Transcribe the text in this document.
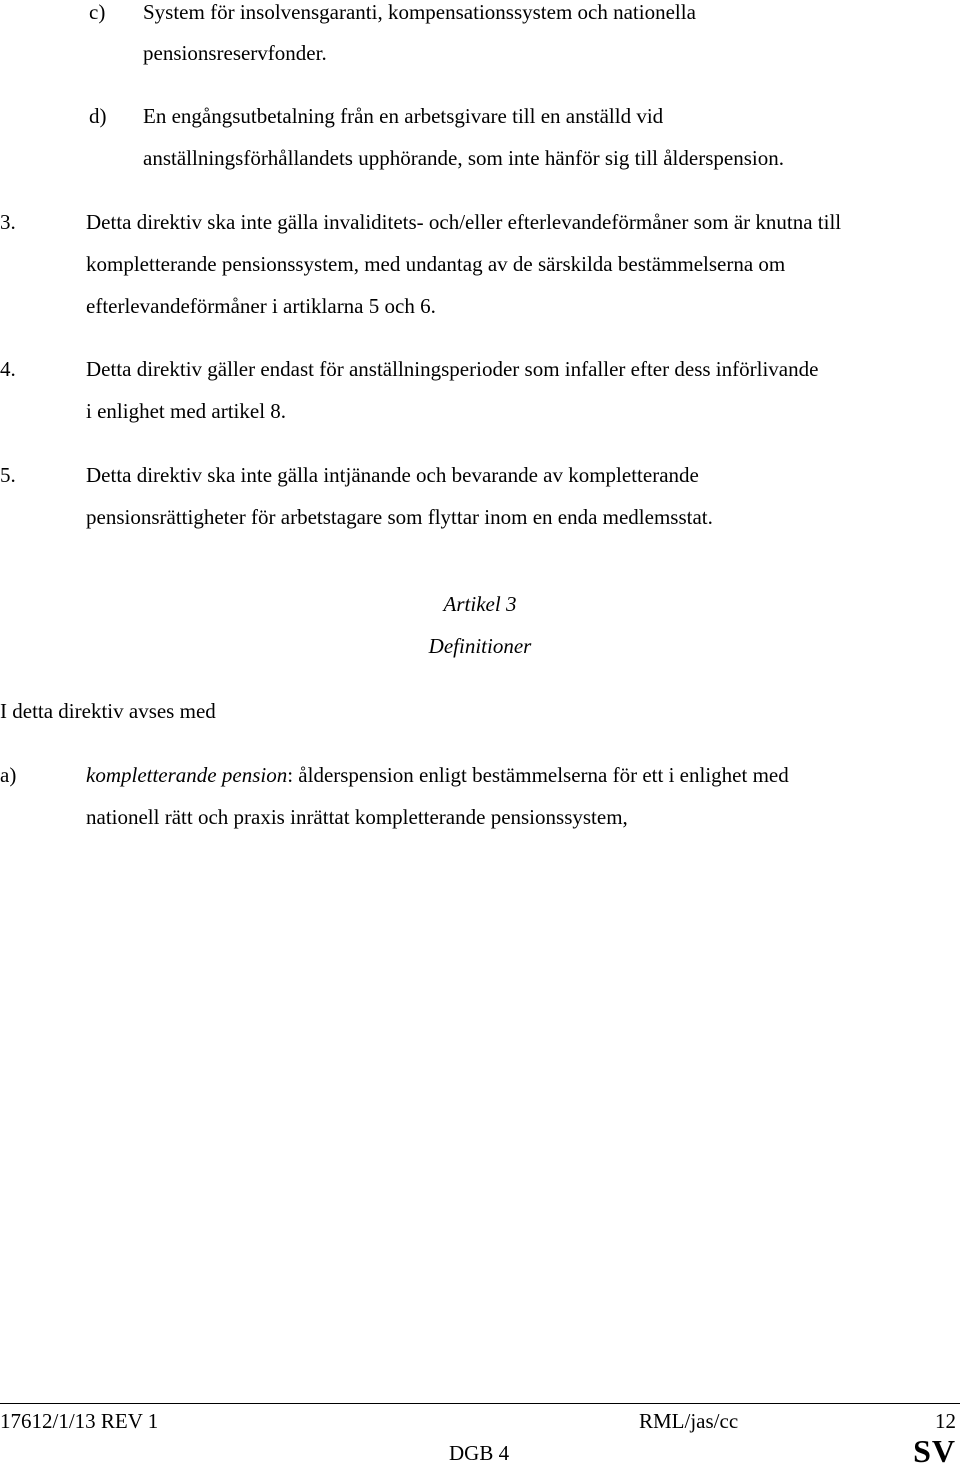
c) System för insolvensgaranti, kompensationssystem och nationella
pensionsreservfonder.
d) En engångsutbetalning från en arbetsgivare till en anställd vid
anställningsförhållandets upphörande, som inte hänför sig till ålderspension.
3.	Detta direktiv ska inte gälla invaliditets- och/eller efterlevandeförmåner som är knutna till
kompletterande pensionssystem, med undantag av de särskilda bestämmelserna om
efterlevandeförmåner i artiklarna 5 och 6.
4.	Detta direktiv gäller endast för anställningsperioder som infaller efter dess införlivande
i enlighet med artikel 8.
5.	Detta direktiv ska inte gälla intjänande och bevarande av kompletterande
pensionsrättigheter för arbetstagare som flyttar inom en enda medlemsstat.
Artikel 3
Definitioner
I detta direktiv avses med
a)	kompletterande pension: ålderspension enligt bestämmelserna för ett i enlighet med
nationell rätt och praxis inrättat kompletterande pensionssystem,
17612/1/13 REV 1	RML/jas/cc	12
DGB 4	SV
